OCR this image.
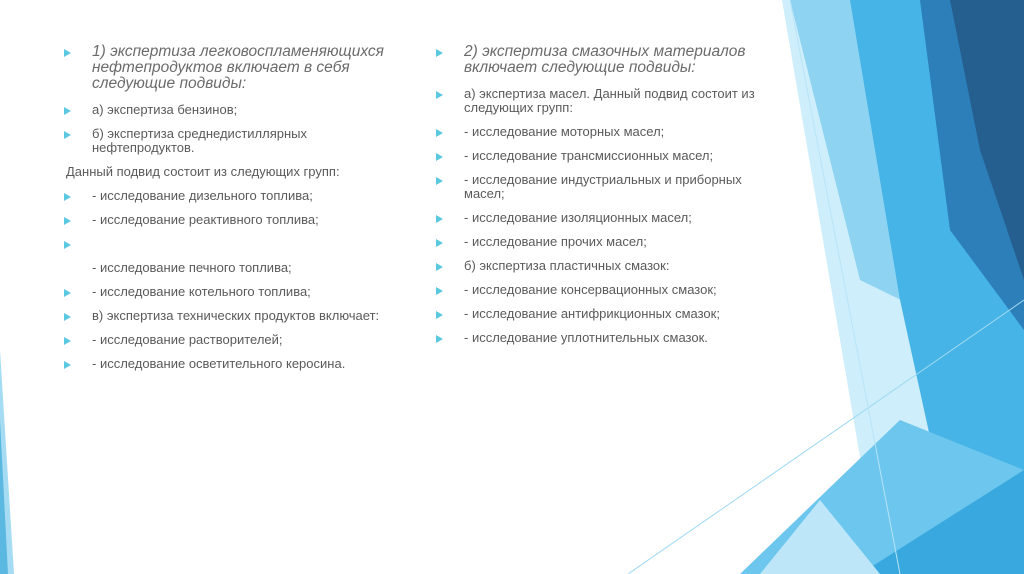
1) экспертиза легковоспламеняющихся нефтепродуктов включает в себя следующие подвиды:
а) экспертиза бензинов;
б) экспертиза среднедистиллярных нефтепродуктов.
Данный подвид состоит из следующих групп:
- исследование дизельного топлива;
- исследование реактивного топлива;
- исследование печного топлива;
- исследование котельного топлива;
в) экспертиза технических продуктов включает:
- исследование растворителей;
- исследование осветительного керосина.
2) экспертиза смазочных материалов включает следующие подвиды:
а) экспертиза масел. Данный подвид состоит из следующих групп:
- исследование моторных масел;
- исследование трансмиссионных масел;
- исследование индустриальных и приборных масел;
- исследование изоляционных масел;
- исследование прочих масел;
б) экспертиза пластичных смазок:
- исследование консервационных смазок;
- исследование антифрикционных смазок;
- исследование уплотнительных смазок.
